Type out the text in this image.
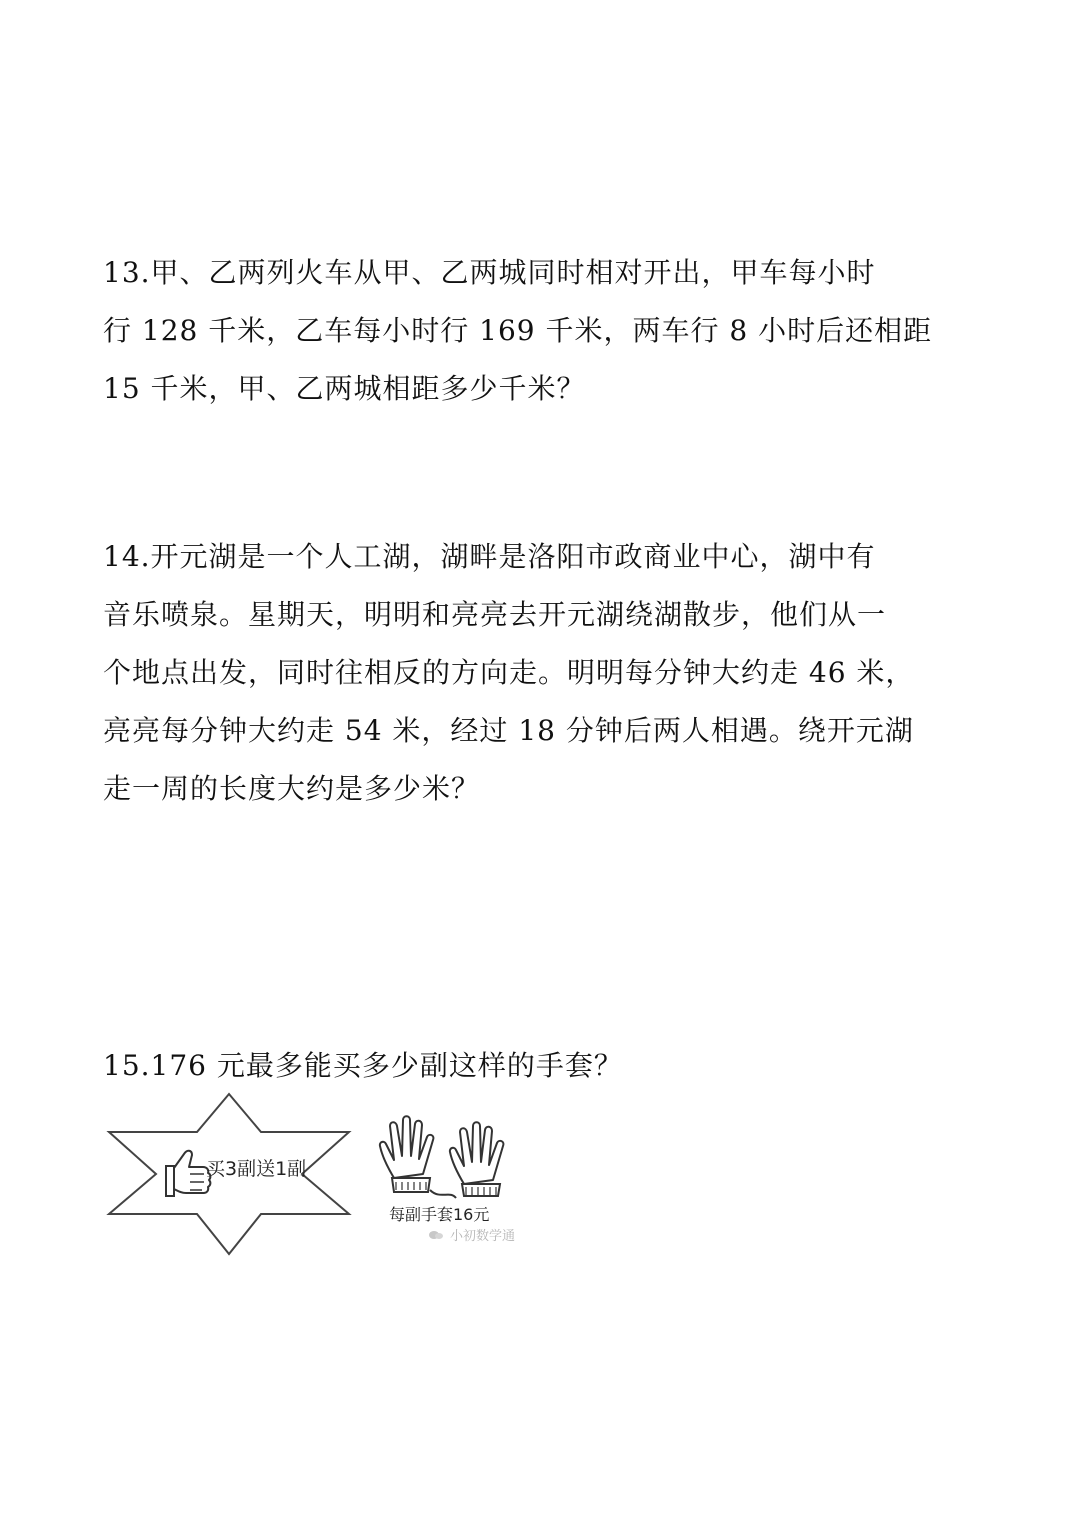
13.甲、乙两列火车从甲、乙两城同时相对开出，甲车每小时
行 128 千米，乙车每小时行 169 千米，两车行 8 小时后还相距
15 千米，甲、乙两城相距多少千米？
14.开元湖是一个人工湖，湖畔是洛阳市政商业中心，湖中有
音乐喷泉。星期天，明明和亮亮去开元湖绕湖散步，他们从一
个地点出发，同时往相反的方向走。明明每分钟大约走 46 米，
亮亮每分钟大约走 54 米，经过 18 分钟后两人相遇。绕开元湖
走一周的长度大约是多少米？
15.176 元最多能买多少副这样的手套？
买3副送1副
每副手套16元
小初数学通
